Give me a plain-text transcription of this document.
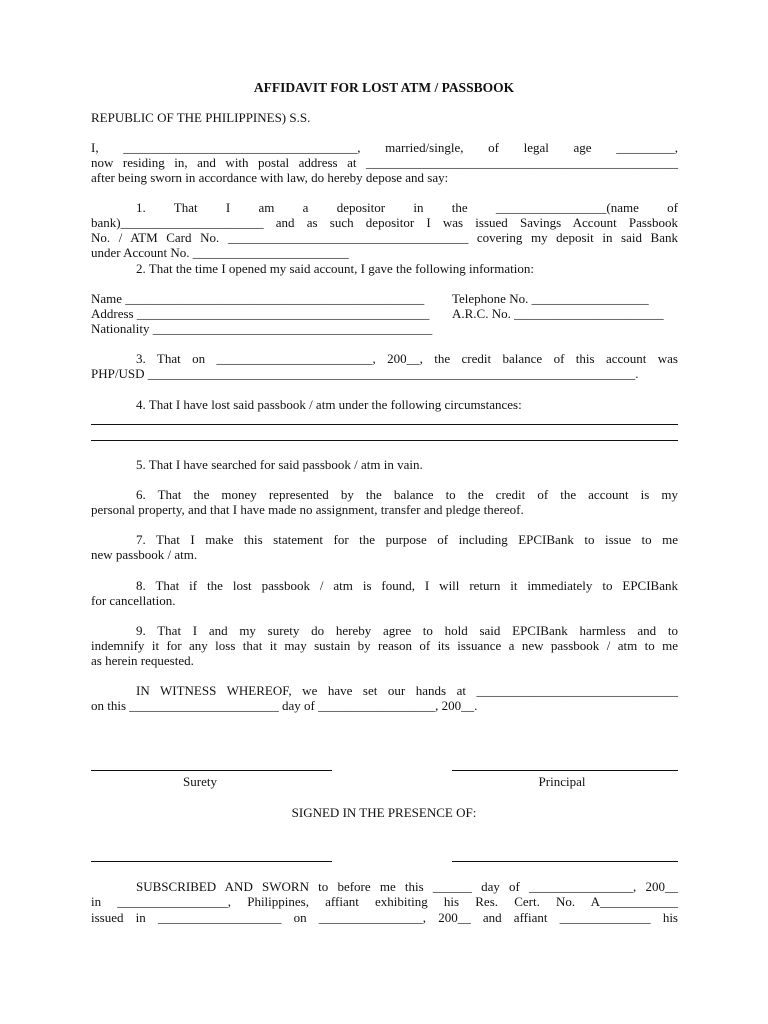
AFFIDAVIT FOR LOST ATM / PASSBOOK
REPUBLIC OF THE PHILIPPINES) S.S.
I, ____________________________________, married/single, of legal age _________,
now residing in, and with postal address at ________________________________________________
after being sworn in accordance with law, do hereby depose and say:
1. That I am a depositor in the _________________(name of
bank)______________________ and as such depositor I was issued Savings Account Passbook
No. / ATM Card No. _____________________________________ covering my deposit in said Bank
under Account No. ________________________
2. That the time I opened my said account, I gave the following information:
Name ______________________________________________ Telephone No. __________________
Address _____________________________________________ A.R.C. No. _______________________
Nationality ___________________________________________
3. That on ________________________, 200__, the credit balance of this account was
PHP/USD ___________________________________________________________________________.
4. That I have lost said passbook / atm under the following circumstances:
5. That I have searched for said passbook / atm in vain.
6. That the money represented by the balance to the credit of the account is my
personal property, and that I have made no assignment, transfer and pledge thereof.
7. That I make this statement for the purpose of including EPCIBank to issue to me
new passbook / atm.
8. That if the lost passbook / atm is found, I will return it immediately to EPCIBank
for cancellation.
9. That I and my surety do hereby agree to hold said EPCIBank harmless and to
indemnify it for any loss that it may sustain by reason of its issuance a new passbook / atm to me
as herein requested.
IN WITNESS WHEREOF, we have set our hands at _______________________________
on this _______________________ day of __________________, 200__.
Surety	Principal
SIGNED IN THE PRESENCE OF:
SUBSCRIBED AND SWORN to before me this ______ day of ________________, 200__
in _________________, Philippines, affiant exhibiting his Res. Cert. No. A____________
issued in ___________________ on ________________, 200__ and affiant ______________ his
